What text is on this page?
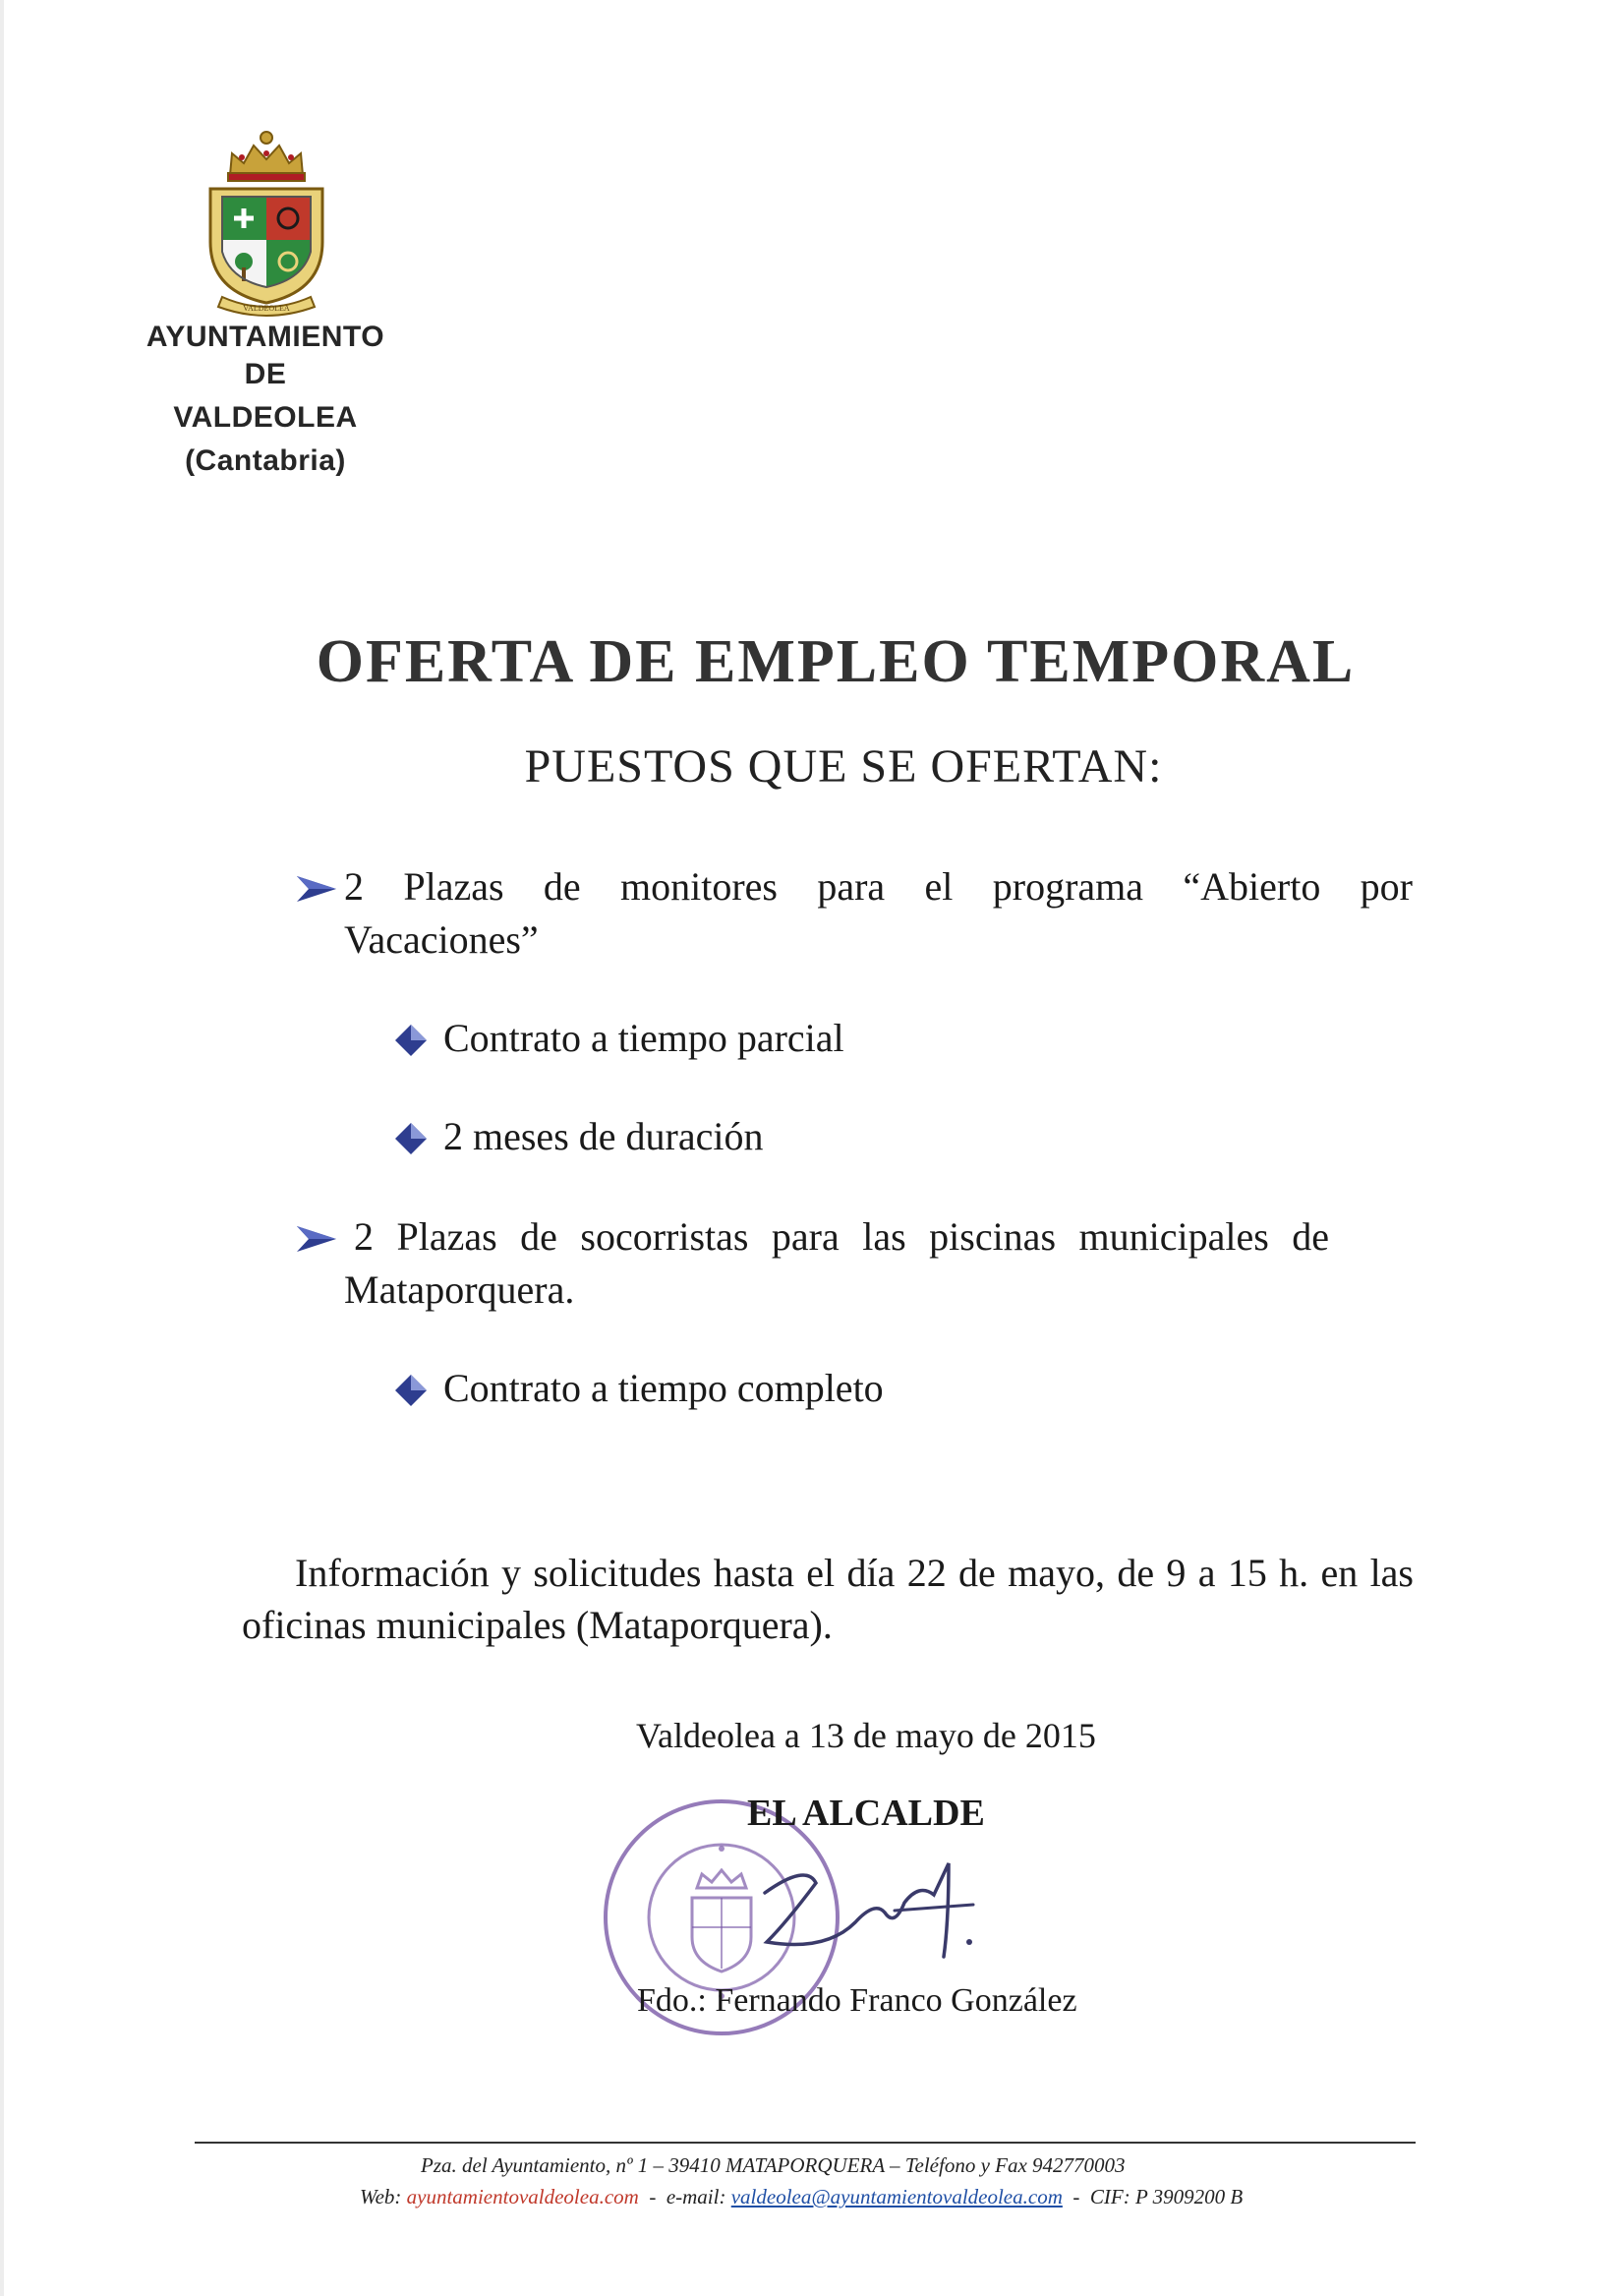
VALDEOLEA
AYUNTAMIENTO
DE
VALDEOLEA
(Cantabria)
OFERTA DE EMPLEO TEMPORAL
PUESTOS QUE SE OFERTAN:
2 Plazas de monitores para el programa “Abierto por
Vacaciones”
Contrato a tiempo parcial
2 meses de duración
2 Plazas de socorristas para las piscinas municipales de
Mataporquera.
Contrato a tiempo completo
Información y solicitudes hasta el día 22 de mayo, de 9 a 15 h. en las
oficinas municipales (Mataporquera).
Valdeolea a 13 de mayo de 2015
EL ALCALDE
Fdo.: Fernando Franco González
Pza. del Ayuntamiento, nº 1 – 39410 MATAPORQUERA – Teléfono y Fax 942770003
Web: ayuntamientovaldeolea.com - e-mail: valdeolea@ayuntamientovaldeolea.com - CIF: P 3909200 B
